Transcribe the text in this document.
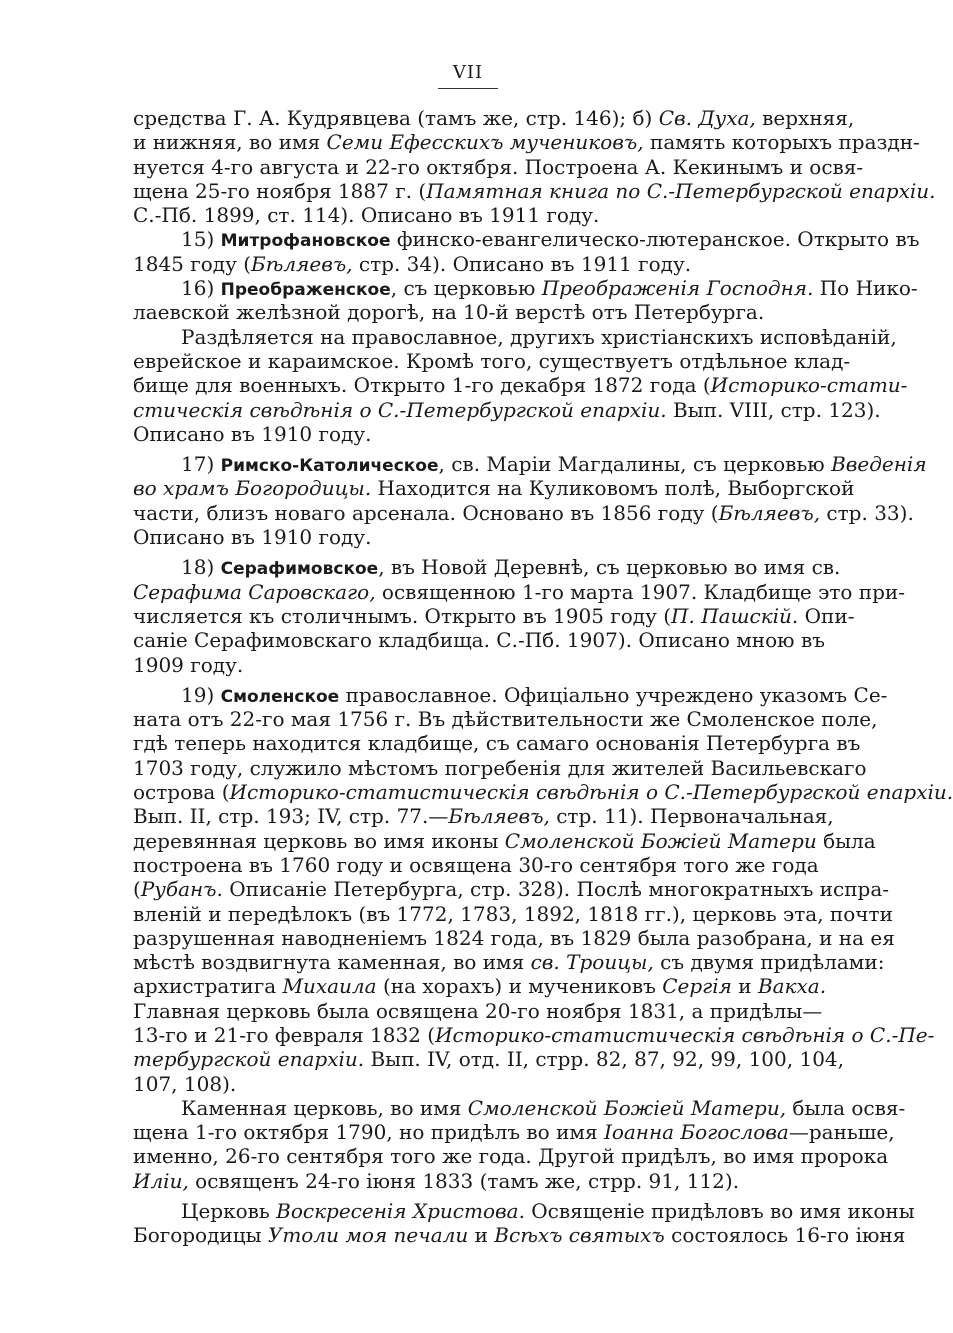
VII
средства Г. А. Кудрявцева (тамъ же, стр. 146); б) Св. Духа, верхняя,
и нижняя, во имя Семи Ефесскихъ мучениковъ, память которыхъ праздн-
нуется 4-го августа и 22-го октября. Построена А. Кекинымъ и освя-
щена 25-го ноября 1887 г. (Памятная книга по С.-Петербургской епархіи.
С.-Пб. 1899, ст. 114). Описано въ 1911 году.
15) Митрофановское финско-евангелическо-лютеранское. Открыто въ
1845 году (Бѣляевъ, стр. 34). Описано въ 1911 году.
16) Преображенское, съ церковью Преображенія Господня. По Нико-
лаевской желѣзной дорогѣ, на 10-й верстѣ отъ Петербурга.
Раздѣляется на православное, другихъ христіанскихъ исповѣданій,
еврейское и караимское. Кромѣ того, существуетъ отдѣльное клад-
бище для военныхъ. Открыто 1-го декабря 1872 года (Историко-стати-
стическія свѣдѣнія о С.-Петербургской епархіи. Вып. VIII, стр. 123).
Описано въ 1910 году.
17) Римско-Католическое, св. Маріи Магдалины, съ церковью Введенія
во храмъ Богородицы. Находится на Куликовомъ полѣ, Выборгской
части, близъ новаго арсенала. Основано въ 1856 году (Бѣляевъ, стр. 33).
Описано въ 1910 году.
18) Серафимовское, въ Новой Деревнѣ, съ церковью во имя св.
Серафима Саровскаго, освященною 1-го марта 1907. Кладбище это при-
числяется къ столичнымъ. Открыто въ 1905 году (П. Пашскій. Опи-
саніе Серафимовскаго кладбища. С.-Пб. 1907). Описано мною въ
1909 году.
19) Смоленское православное. Офиціально учреждено указомъ Се-
ната отъ 22-го мая 1756 г. Въ дѣйствительности же Смоленское поле,
гдѣ теперь находится кладбище, съ самаго основанія Петербурга въ
1703 году, служило мѣстомъ погребенія для жителей Васильевскаго
острова (Историко-статистическія свѣдѣнія о С.-Петербургской епархіи.
Вып. II, стр. 193; IV, стр. 77.—Бѣляевъ, стр. 11). Первоначальная,
деревянная церковь во имя иконы Смоленской Божіей Матери была
построена въ 1760 году и освящена 30-го сентября того же года
(Рубанъ. Описаніе Петербурга, стр. 328). Послѣ многократныхъ испра-
вленій и передѣлокъ (въ 1772, 1783, 1892, 1818 гг.), церковь эта, почти
разрушенная наводненіемъ 1824 года, въ 1829 была разобрана, и на ея
мѣстѣ воздвигнута каменная, во имя св. Троицы, съ двумя придѣлами:
архистратига Михаила (на хорахъ) и мучениковъ Сергія и Вакха.
Главная церковь была освящена 20-го ноября 1831, а придѣлы—
13-го и 21-го февраля 1832 (Историко-статистическія свѣдѣнія о С.-Пе-
тербургской епархіи. Вып. IV, отд. II, стрр. 82, 87, 92, 99, 100, 104,
107, 108).
Каменная церковь, во имя Смоленской Божіей Матери, была освя-
щена 1-го октября 1790, но придѣлъ во имя Іоанна Богослова—раньше,
именно, 26-го сентября того же года. Другой придѣлъ, во имя пророка
Иліи, освященъ 24-го іюня 1833 (тамъ же, стрр. 91, 112).
Церковь Воскресенія Христова. Освященіе придѣловъ во имя иконы
Богородицы Утоли моя печали и Всѣхъ святыхъ состоялось 16-го іюня
